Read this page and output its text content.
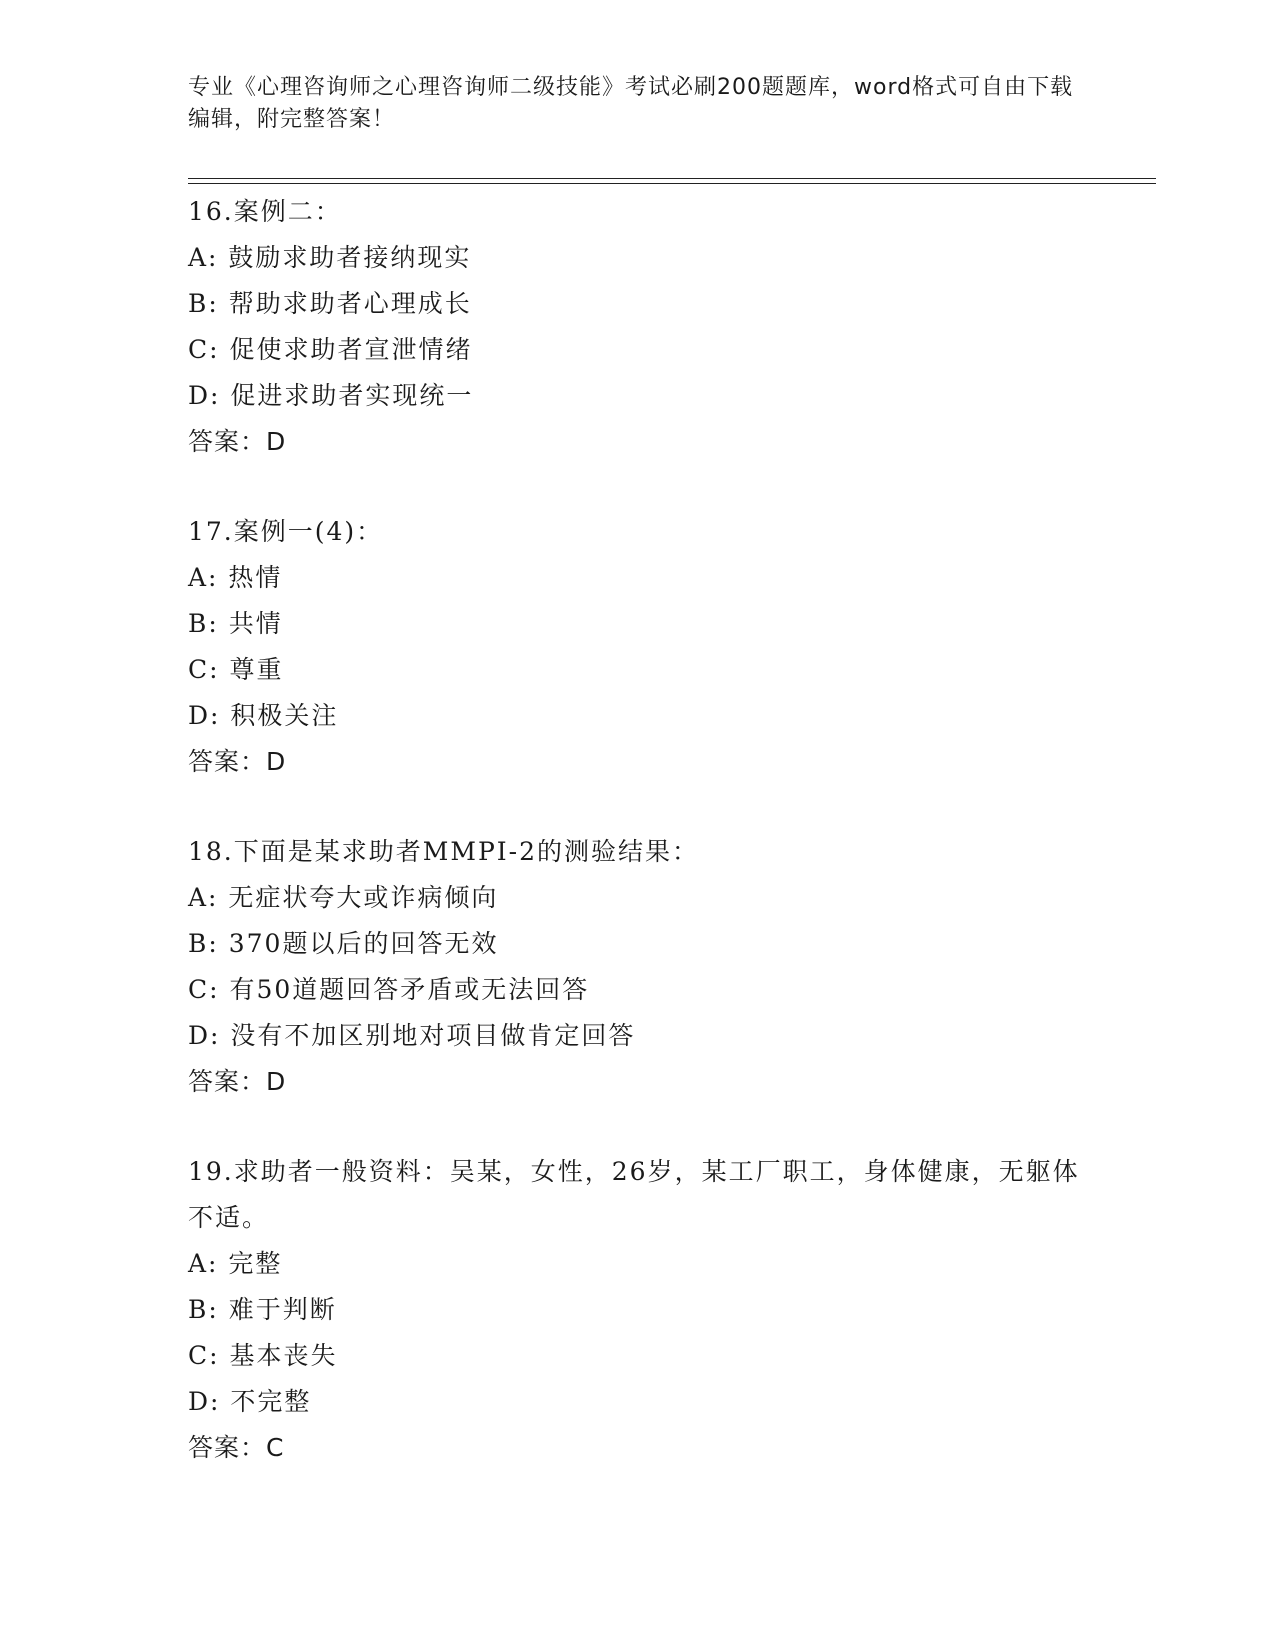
专业《心理咨询师之心理咨询师二级技能》考试必刷200题题库，word格式可自由下载编辑，附完整答案！
16.案例二：
A: 鼓励求助者接纳现实
B: 帮助求助者心理成长
C: 促使求助者宣泄情绪
D: 促进求助者实现统一
答案：D
17.案例一(4)：
A: 热情
B: 共情
C: 尊重
D: 积极关注
答案：D
18.下面是某求助者MMPI-2的测验结果：
A: 无症状夸大或诈病倾向
B: 370题以后的回答无效
C: 有50道题回答矛盾或无法回答
D: 没有不加区别地对项目做肯定回答
答案：D
19.求助者一般资料：吴某，女性，26岁，某工厂职工，身体健康，无躯体不适。
A: 完整
B: 难于判断
C: 基本丧失
D: 不完整
答案：C
